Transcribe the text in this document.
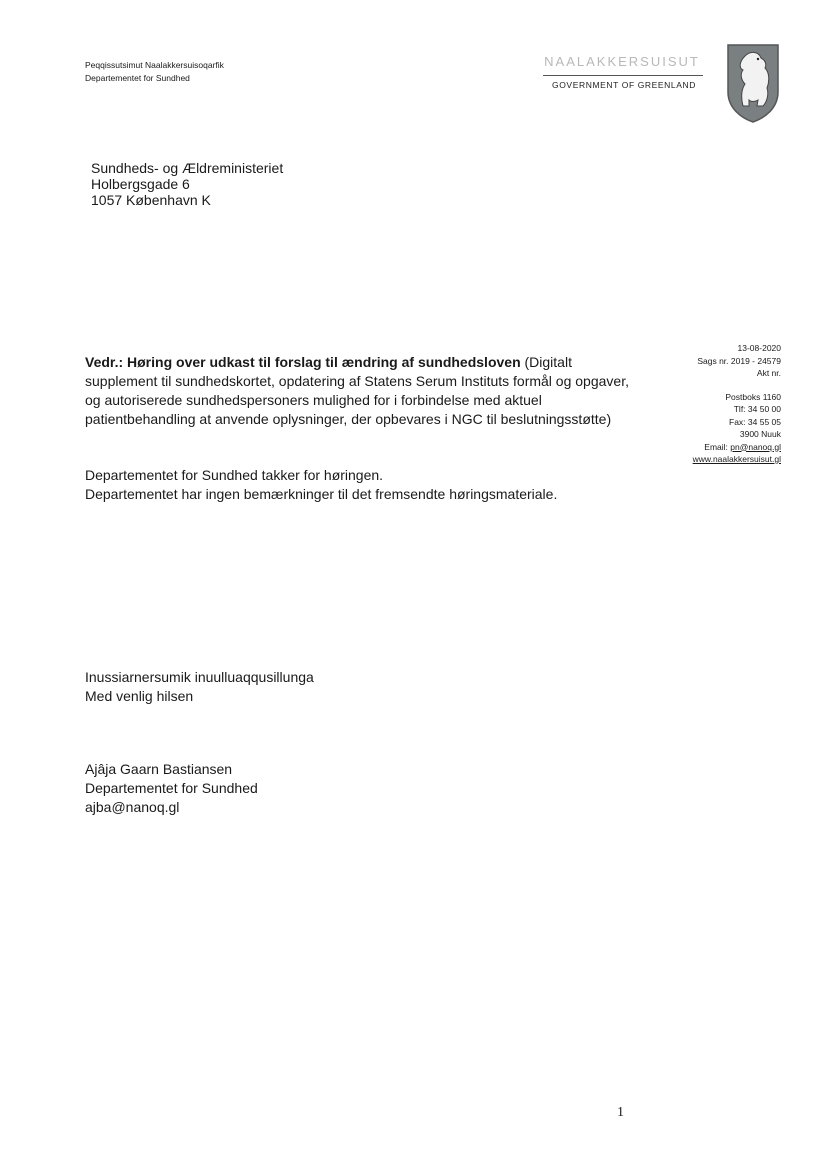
Peqqissutsimut Naalakkersuisoqarfik
Departementet for Sundhed
NAALAKKERSUISUT
GOVERNMENT OF GREENLAND
Sundheds- og Ældreministeriet
Holbergsgade 6
1057 København K
13-08-2020
Sags nr. 2019 - 24579
Akt nr.
Postboks 1160
Tlf: 34 50 00
Fax: 34 55 05
3900 Nuuk
Email: pn@nanoq.gl
www.naalakkersuisut.gl
Vedr.: Høring over udkast til forslag til ændring af sundhedsloven (Digitalt
supplement til sundhedskortet, opdatering af Statens Serum Instituts formål og opgaver,
og autoriserede sundhedspersoners mulighed for i forbindelse med aktuel
patientbehandling at anvende oplysninger, der opbevares i NGC til beslutningsstøtte)
Departementet for Sundhed takker for høringen.
Departementet har ingen bemærkninger til det fremsendte høringsmateriale.
Inussiarnersumik inuulluaqqusillunga
Med venlig hilsen
Ajâja Gaarn Bastiansen
Departementet for Sundhed
ajba@nanoq.gl
1
